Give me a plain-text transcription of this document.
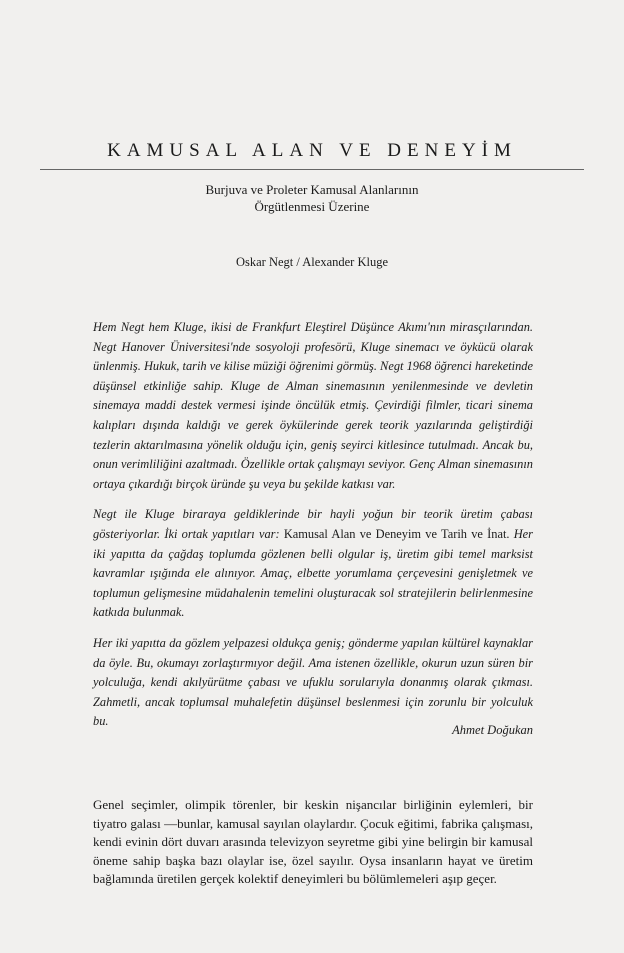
KAMUSAL ALAN VE DENEYİM
Burjuva ve Proleter Kamusal Alanlarının
Örgütlenmesi Üzerine
Oskar Negt / Alexander Kluge

Hem Negt hem Kluge, ikisi de Frankfurt Eleştirel Düşünce Akımı'nın mirasçılarından. Negt Hanover Üniversitesi'nde sosyoloji profesörü, Kluge sinemacı ve öykücü olarak ünlenmiş. Hukuk, tarih ve kilise müziği öğrenimi görmüş. Negt 1968 öğrenci hareketinde düşünsel etkinliğe sahip. Kluge de Alman sinemasının yenilenmesinde ve devletin sinemaya maddi destek vermesi işinde öncülük etmiş. Çevirdiği filmler, ticari sinema kalıpları dışında kaldığı ve gerek öykülerinde gerek teorik yazılarında geliştirdiği tezlerin aktarılmasına yönelik olduğu için, geniş seyirci kitlesince tutulmadı. Ancak bu, onun verimliliğini azaltmadı. Özellikle ortak çalışmayı seviyor. Genç Alman sinemasının ortaya çıkardığı birçok üründe şu veya bu şekilde katkısı var.

Negt ile Kluge biraraya geldiklerinde bir hayli yoğun bir teorik üretim çabası gösteriyorlar. İki ortak yapıtları var: Kamusal Alan ve Deneyim ve Tarih ve İnat. Her iki yapıtta da çağdaş toplumda gözlenen belli olgular iş, üretim gibi temel marksist kavramlar ışığında ele alınıyor. Amaç, elbette yorumlama çerçevesini genişletmek ve toplumun gelişmesine müdahalenin temelini oluşturacak sol stratejilerin belirlenmesine katkıda bulunmak.

Her iki yapıtta da gözlem yelpazesi oldukça geniş; gönderme yapılan kültürel kaynaklar da öyle. Bu, okumayı zorlaştırmıyor değil. Ama istenen özellikle, okurun uzun süren bir yolculuğa, kendi akılyürütme çabası ve ufuklu sorularıyla donanmış olarak çıkması. Zahmetli, ancak toplumsal muhalefetin düşünsel beslenmesi için zorunlu bir yolculuk bu.

Ahmet Doğukan

Genel seçimler, olimpik törenler, bir keskin nişancılar birliğinin eylemleri, bir tiyatro galası —bunlar, kamusal sayılan olaylardır. Çocuk eğitimi, fabrika çalışması, kendi evinin dört duvarı arasında televizyon seyretme gibi yine belirgin bir kamusal öneme sahip başka bazı olaylar ise, özel sayılır. Oysa insanların hayat ve üretim bağlamında üretilen gerçek kolektif deneyimleri bu bölümlemeleri aşıp geçer.
